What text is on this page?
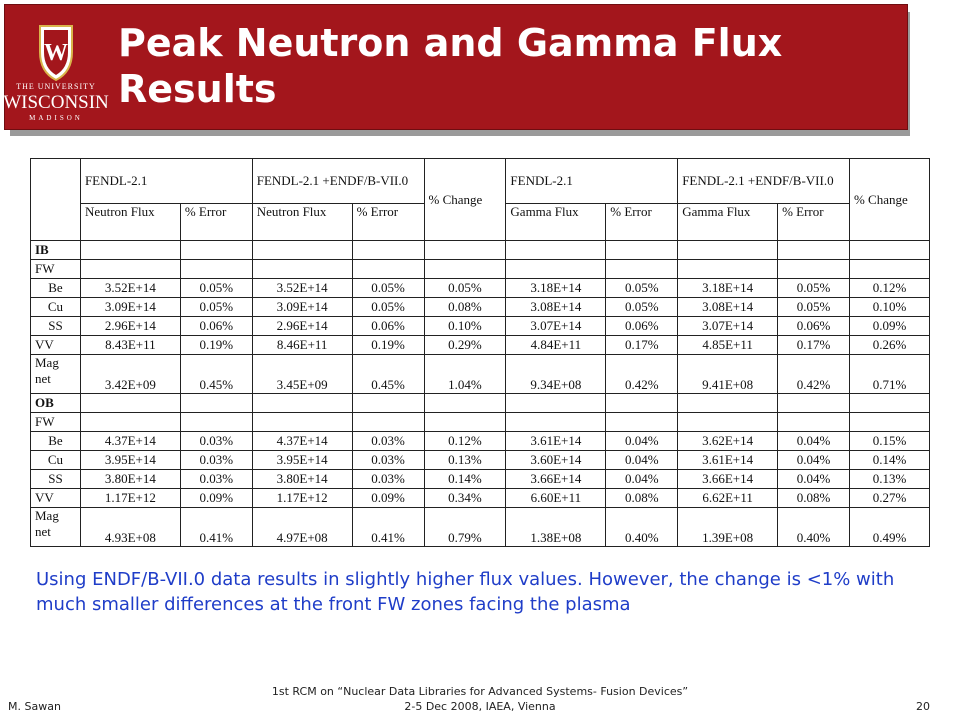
W
THE UNIVERSITY
WISCONSIN
MADISON
Peak Neutron and Gamma Flux Results
	FENDL-2.1		FENDL-2.1 +ENDF/B-VII.0		% Change	FENDL-2.1		FENDL-2.1 +ENDF/B-VII.0		% Change
	Neutron Flux	% Error	Neutron Flux	% Error		Gamma Flux	% Error	Gamma Flux	% Error	
IB										
FW										
Be	3.52E+14	0.05%	3.52E+14	0.05%	0.05%	3.18E+14	0.05%	3.18E+14	0.05%	0.12%
Cu	3.09E+14	0.05%	3.09E+14	0.05%	0.08%	3.08E+14	0.05%	3.08E+14	0.05%	0.10%
SS	2.96E+14	0.06%	2.96E+14	0.06%	0.10%	3.07E+14	0.06%	3.07E+14	0.06%	0.09%
VV	8.43E+11	0.19%	8.46E+11	0.19%	0.29%	4.84E+11	0.17%	4.85E+11	0.17%	0.26%
Mag net	3.42E+09	0.45%	3.45E+09	0.45%	1.04%	9.34E+08	0.42%	9.41E+08	0.42%	0.71%
OB										
FW										
Be	4.37E+14	0.03%	4.37E+14	0.03%	0.12%	3.61E+14	0.04%	3.62E+14	0.04%	0.15%
Cu	3.95E+14	0.03%	3.95E+14	0.03%	0.13%	3.60E+14	0.04%	3.61E+14	0.04%	0.14%
SS	3.80E+14	0.03%	3.80E+14	0.03%	0.14%	3.66E+14	0.04%	3.66E+14	0.04%	0.13%
VV	1.17E+12	0.09%	1.17E+12	0.09%	0.34%	6.60E+11	0.08%	6.62E+11	0.08%	0.27%
Mag net	4.93E+08	0.41%	4.97E+08	0.41%	0.79%	1.38E+08	0.40%	1.39E+08	0.40%	0.49%
Using ENDF/B-VII.0 data results in slightly higher flux values. However, the change is <1% with much smaller differences at the front FW zones facing the plasma
M. Sawan
1st RCM on “Nuclear Data Libraries for Advanced Systems- Fusion Devices”
2-5 Dec 2008, IAEA, Vienna	20
